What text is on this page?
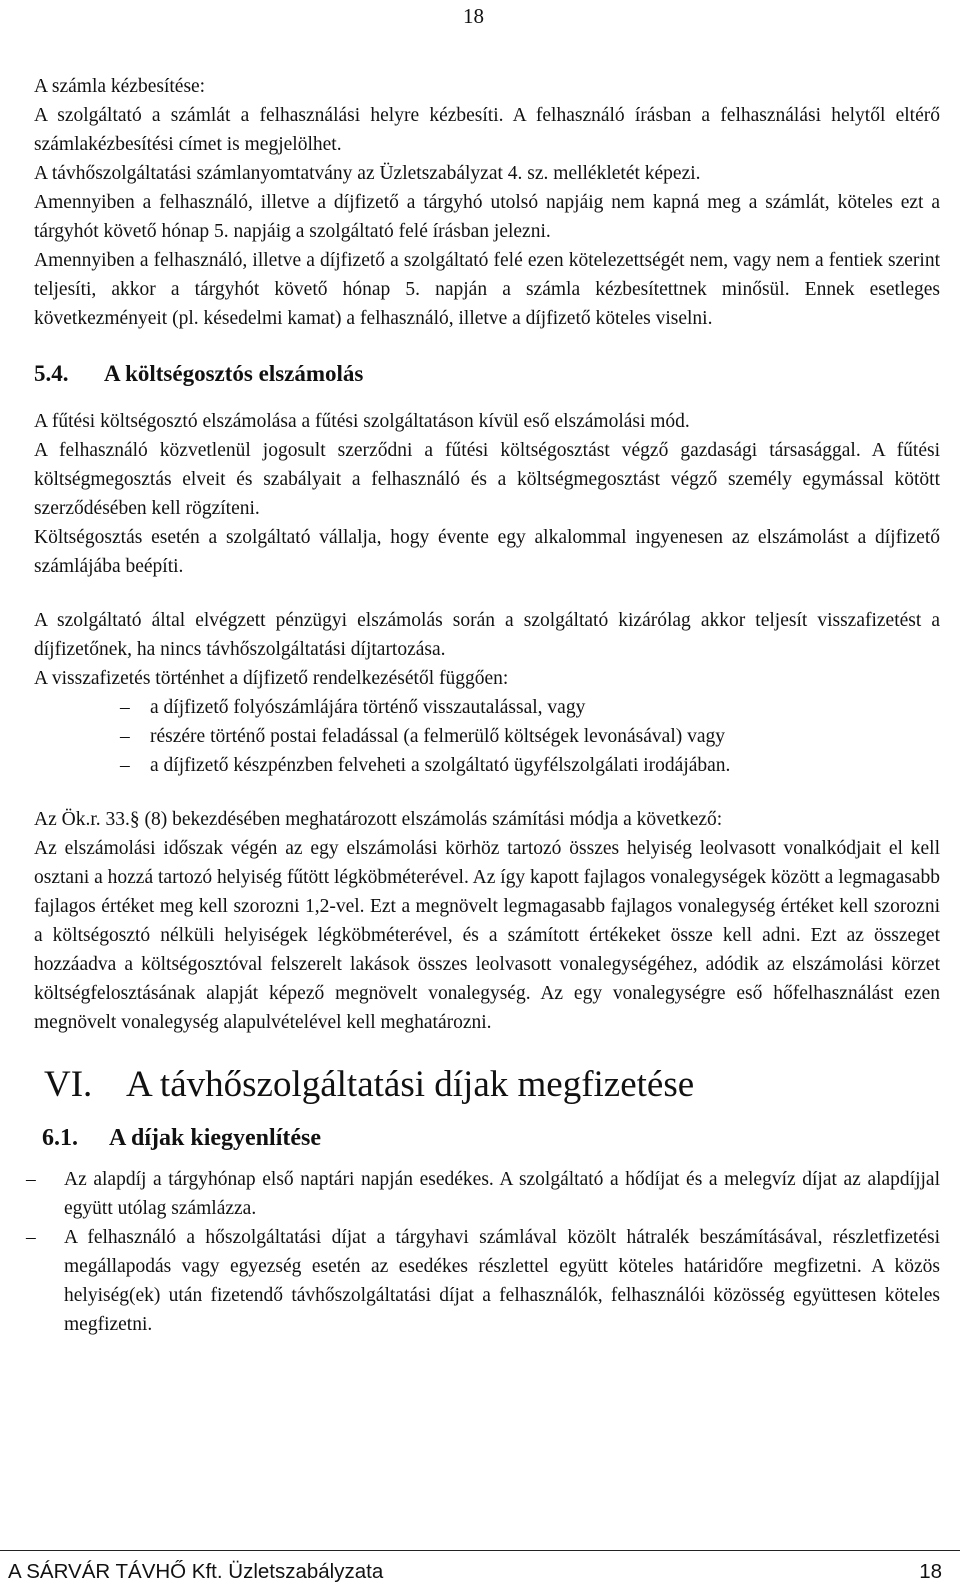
18

A számla kézbesítése:

A szolgáltató a számlát a felhasználási helyre kézbesíti. A felhasználó írásban a felhasználási helytől eltérő számlakézbesítési címet is megjelölhet.

A távhőszolgáltatási számlanyomtatvány az Üzletszabályzat 4. sz. mellékletét képezi.

Amennyiben a felhasználó, illetve a díjfizető a tárgyhó utolsó napjáig nem kapná meg a számlát, köteles ezt a tárgyhót követő hónap 5. napjáig a szolgáltató felé írásban jelezni.

Amennyiben a felhasználó, illetve a díjfizető a szolgáltató felé ezen kötelezettségét nem, vagy nem a fentiek szerint teljesíti, akkor a tárgyhót követő hónap 5. napján a számla kézbesítettnek minősül. Ennek esetleges következményeit (pl. késedelmi kamat) a felhasználó, illetve a díjfizető köteles viselni.

5.4. A költségosztós elszámolás

A fűtési költségosztó elszámolása a fűtési szolgáltatáson kívül eső elszámolási mód.

A felhasználó közvetlenül jogosult szerződni a fűtési költségosztást végző gazdasági társasággal. A fűtési költségmegosztás elveit és szabályait a felhasználó és a költségmegosztást végző személy egymással kötött szerződésében kell rögzíteni.

Költségosztás esetén a szolgáltató vállalja, hogy évente egy alkalommal ingyenesen az elszámolást a díjfizető számlájába beépíti.

A szolgáltató által elvégzett pénzügyi elszámolás során a szolgáltató kizárólag akkor teljesít visszafizetést a díjfizetőnek, ha nincs távhőszolgáltatási díjtartozása.

A visszafizetés történhet a díjfizető rendelkezésétől függően:

– a díjfizető folyószámlájára történő visszautalással, vagy
– részére történő postai feladással (a felmerülő költségek levonásával) vagy
– a díjfizető készpénzben felveheti a szolgáltató ügyfélszolgálati irodájában.

Az Ök.r. 33.§ (8) bekezdésében meghatározott elszámolás számítási módja a következő:

Az elszámolási időszak végén az egy elszámolási körhöz tartozó összes helyiség leolvasott vonalkódjait el kell osztani a hozzá tartozó helyiség fűtött légköbméterével. Az így kapott fajlagos vonalegységek között a legmagasabb fajlagos értéket meg kell szorozni 1,2-vel. Ezt a megnövelt legmagasabb fajlagos vonalegység értéket kell szorozni a költségosztó nélküli helyiségek légköbméterével, és a számított értékeket össze kell adni. Ezt az összeget hozzáadva a költségosztóval felszerelt lakások összes leolvasott vonalegységéhez, adódik az elszámolási körzet költségfelosztásának alapját képező megnövelt vonalegység. Az egy vonalegységre eső hőfelhasználást ezen megnövelt vonalegység alapulvételével kell meghatározni.

VI. A távhőszolgáltatási díjak megfizetése
6.1. A díjak kiegyenlítése
– Az alapdíj a tárgyhónap első naptári napján esedékes. A szolgáltató a hődíjat és a melegvíz díjat az alapdíjjal együtt utólag számlázza.
– A felhasználó a hőszolgáltatási díjat a tárgyhavi számlával közölt hátralék beszámításával, részletfizetési megállapodás vagy egyezség esetén az esedékes részlettel együtt köteles határidőre megfizetni. A közös helyiség(ek) után fizetendő távhőszolgáltatási díjat a felhasználók, felhasználói közösség együttesen köteles megfizetni.
A SÁRVÁR TÁVHŐ Kft. Üzletszabályzata	18
